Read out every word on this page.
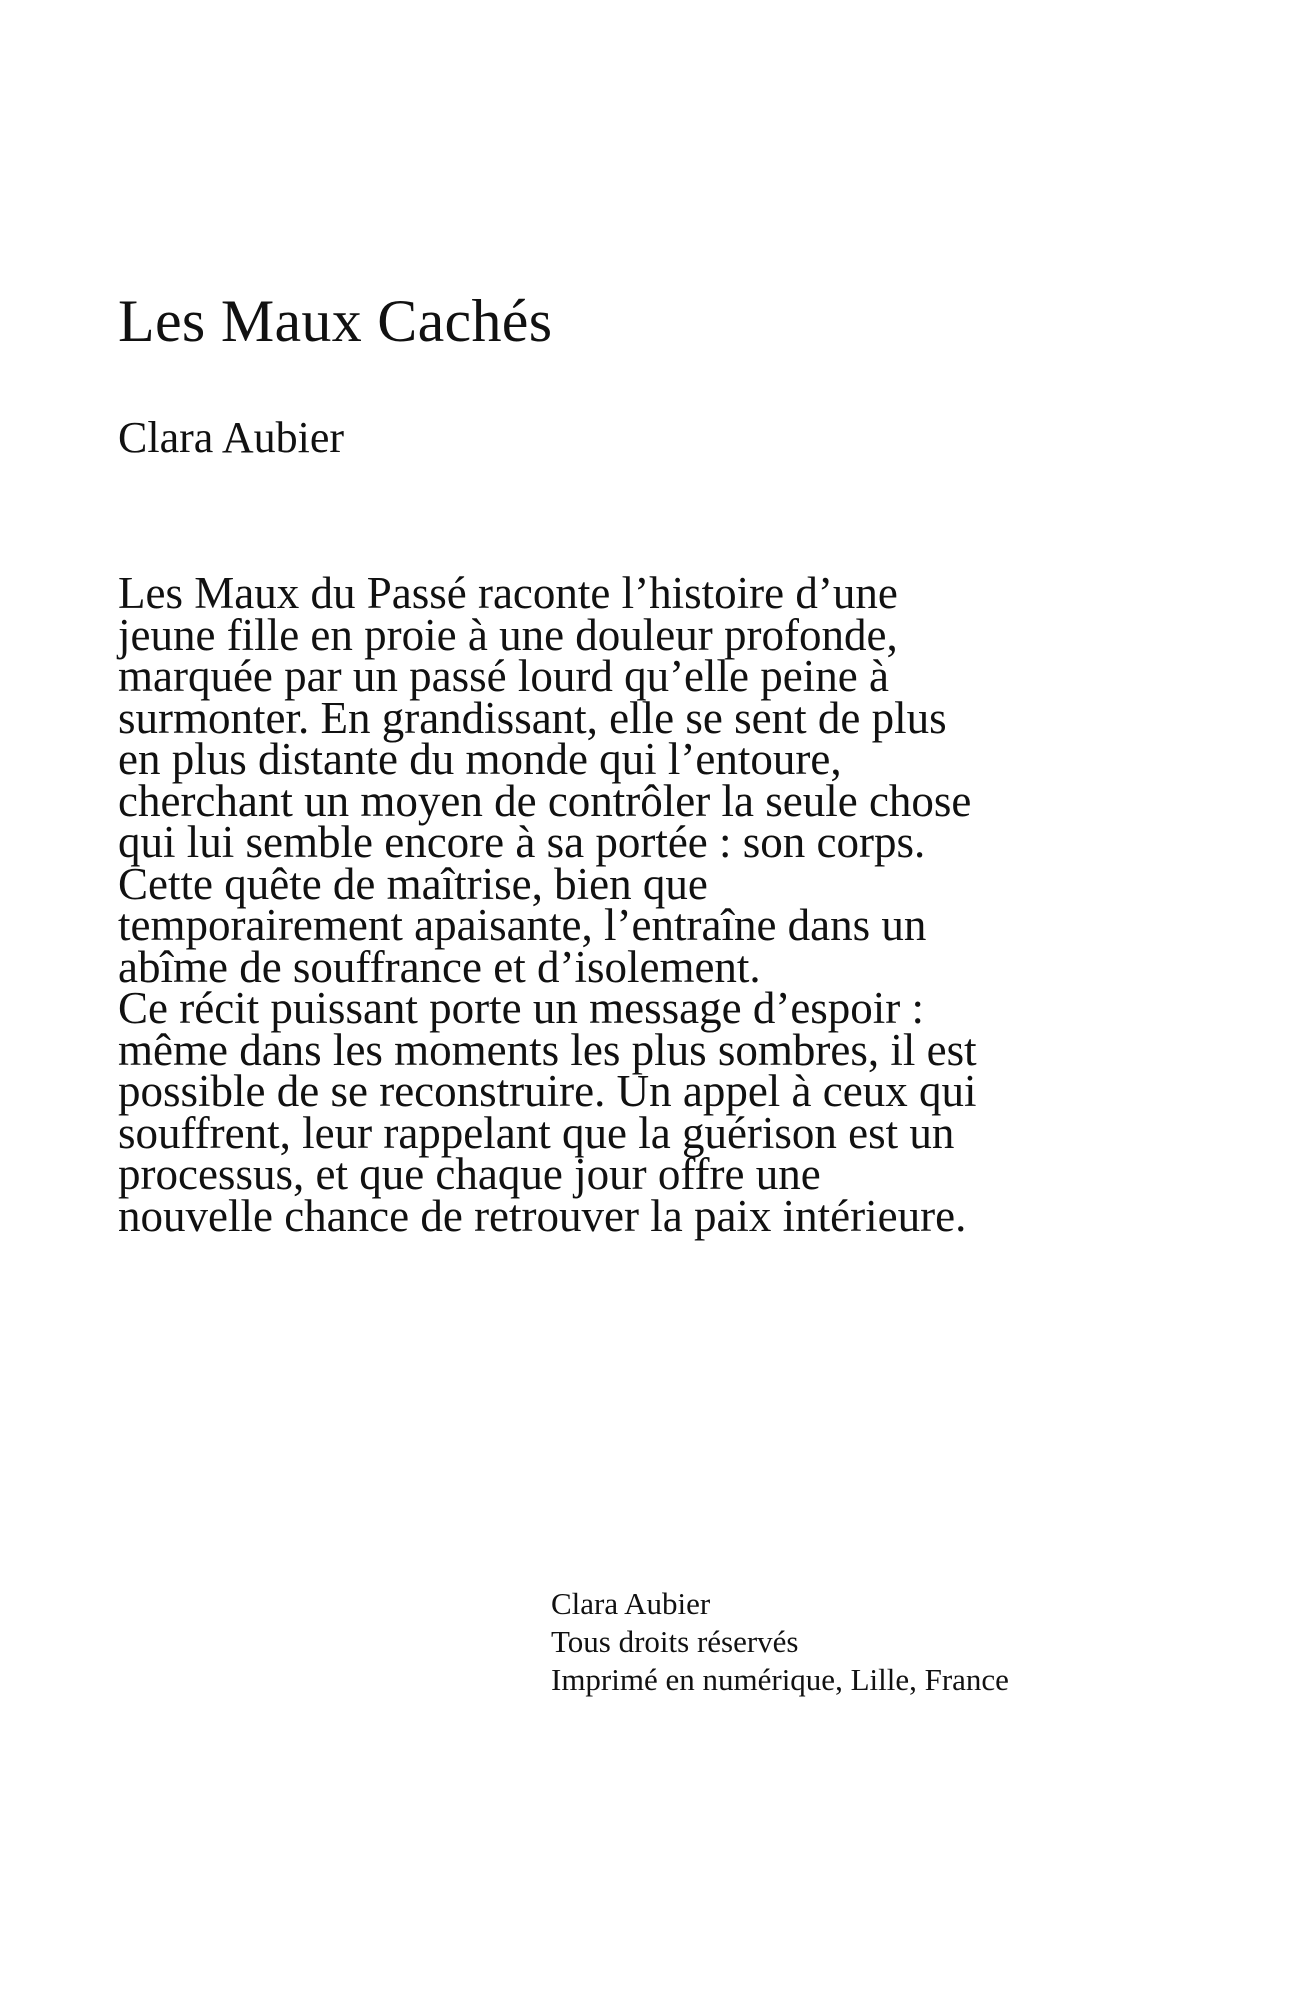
Les Maux Cachés
Clara Aubier

Les Maux du Passé raconte l’histoire d’une jeune fille en proie à une douleur profonde, marquée par un passé lourd qu’elle peine à surmonter. En grandissant, elle se sent de plus en plus distante du monde qui l’entoure, cherchant un moyen de contrôler la seule chose qui lui semble encore à sa portée : son corps. Cette quête de maîtrise, bien que temporairement apaisante, l’entraîne dans un abîme de souffrance et d’isolement.

Ce récit puissant porte un message d’espoir : même dans les moments les plus sombres, il est possible de se reconstruire. Un appel à ceux qui souffrent, leur rappelant que la guérison est un processus, et que chaque jour offre une nouvelle chance de retrouver la paix intérieure.

Clara Aubier
Tous droits réservés
Imprimé en numérique, Lille, France
